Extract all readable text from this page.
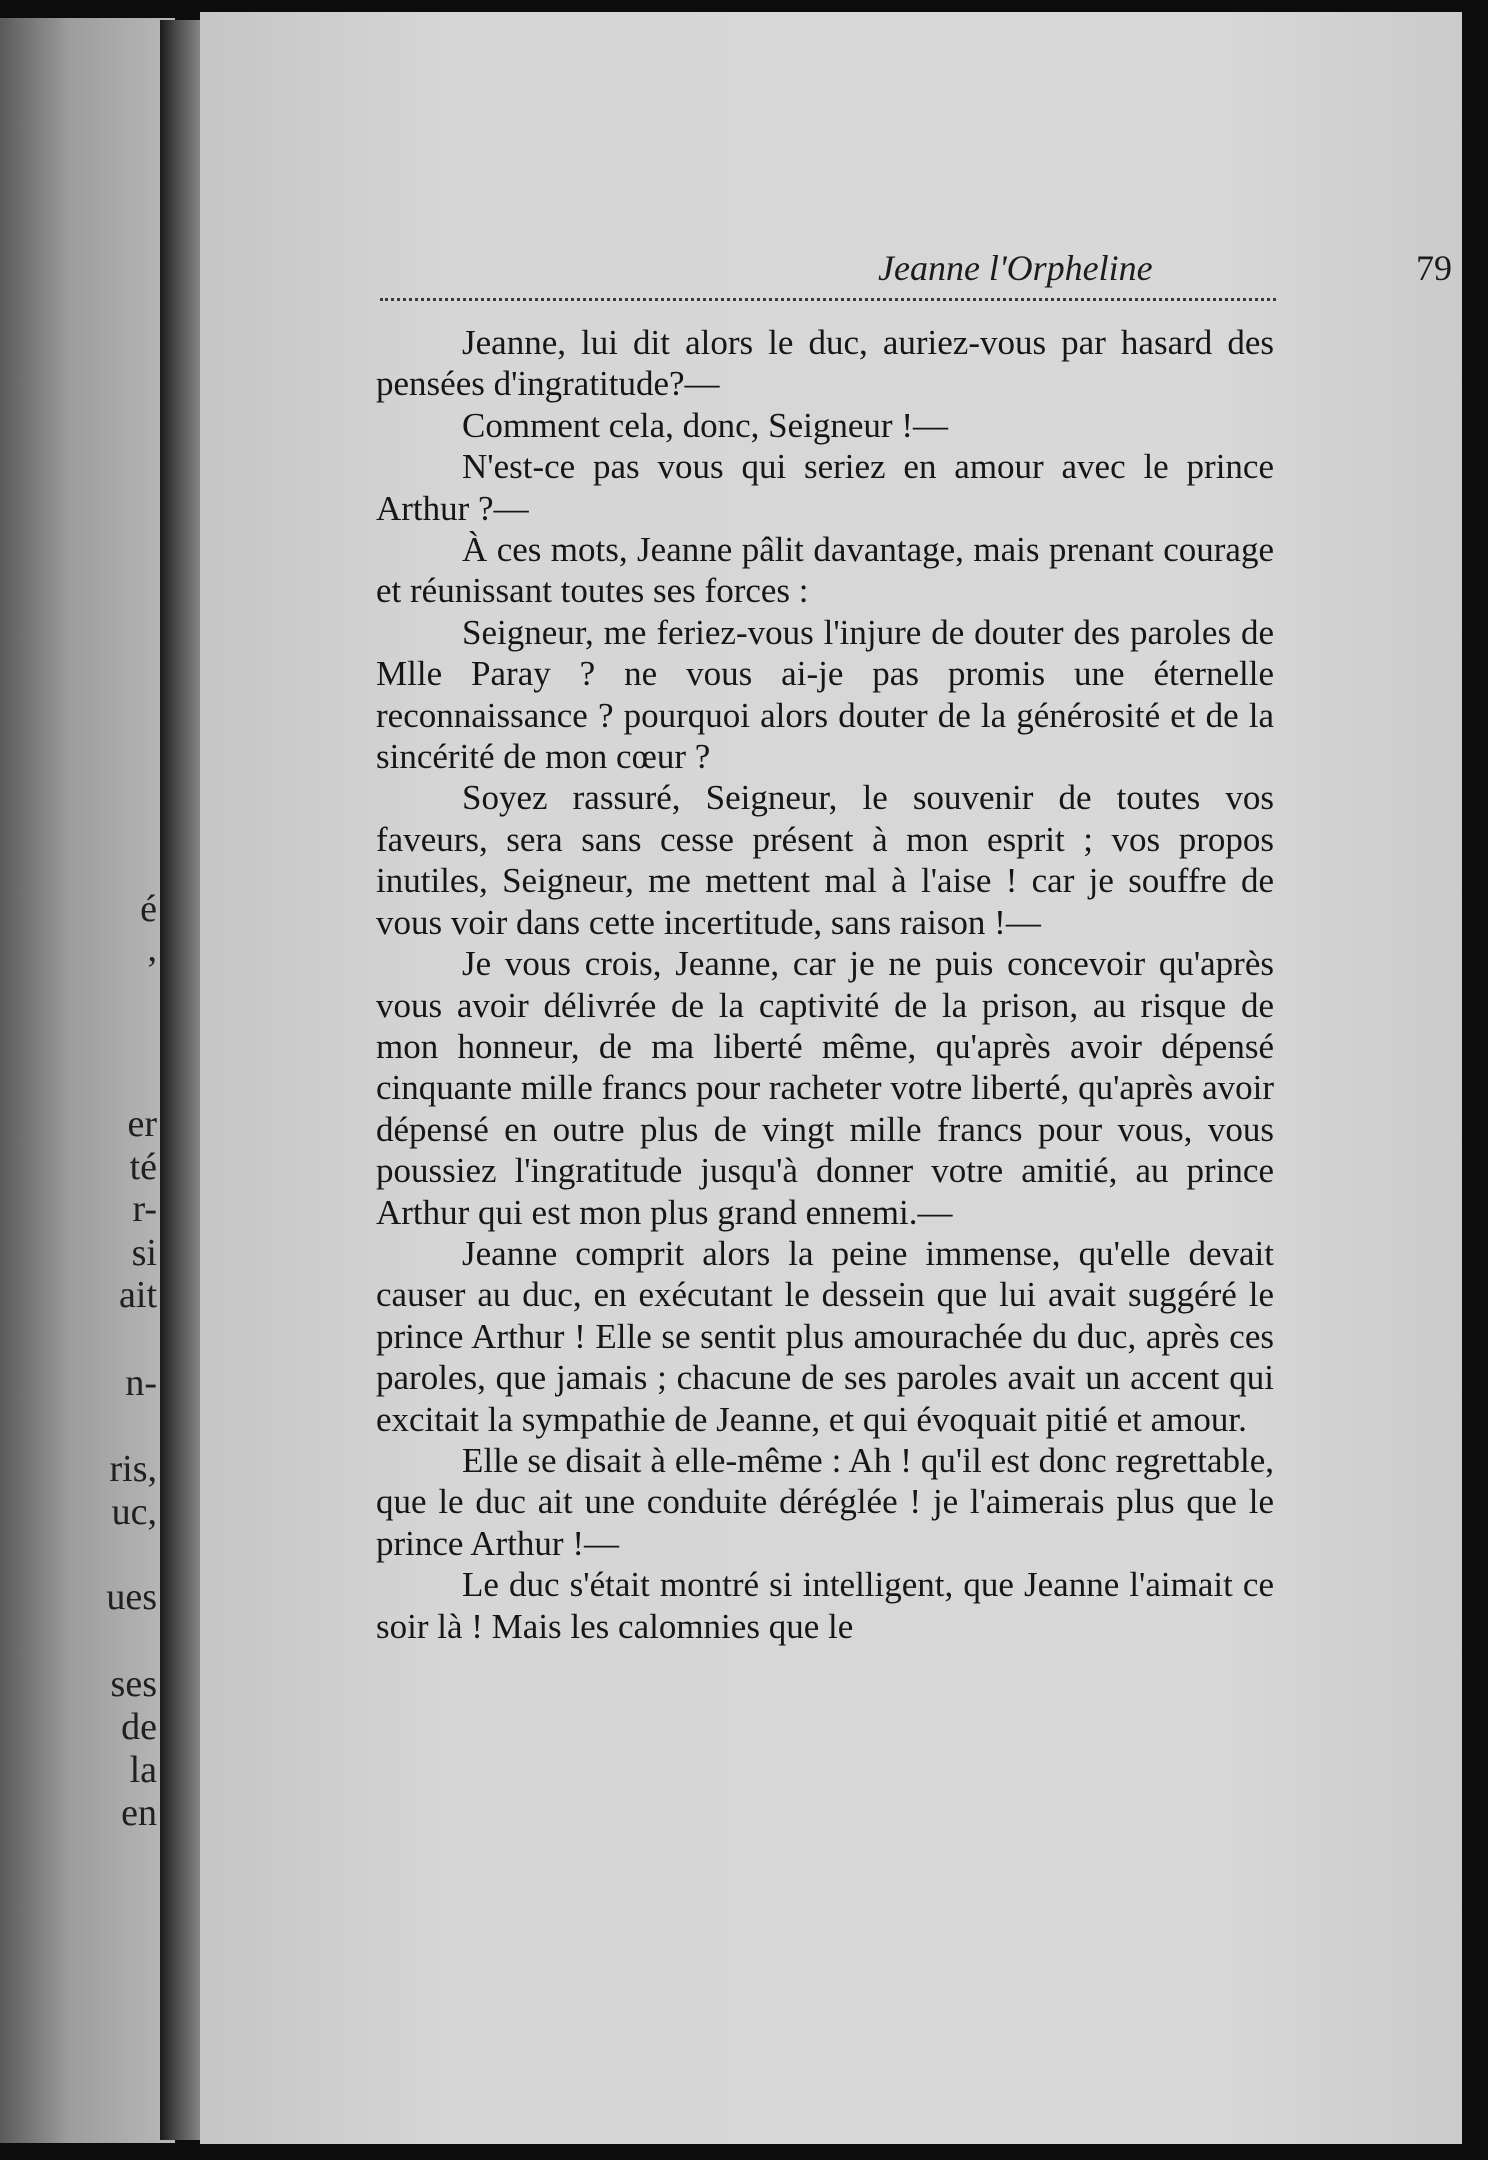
é
,
er
té
r-
si
ait
n-
ris,
uc,
ues
ses
de
la
en
Jeanne l'Orpheline	79

Jeanne, lui dit alors le duc, auriez-vous par hasard des pensées d'ingratitude?—

Comment cela, donc, Seigneur !—

N'est-ce pas vous qui seriez en amour avec le prince Arthur ?—

À ces mots, Jeanne pâlit davantage, mais prenant courage et réunissant toutes ses forces :

Seigneur, me feriez-vous l'injure de douter des paroles de Mlle Paray ? ne vous ai-je pas promis une éternelle reconnaissance ? pourquoi alors douter de la générosité et de la sincérité de mon cœur ?

Soyez rassuré, Seigneur, le souvenir de toutes vos faveurs, sera sans cesse présent à mon esprit ; vos propos inutiles, Seigneur, me mettent mal à l'aise ! car je souffre de vous voir dans cette incertitude, sans raison !—

Je vous crois, Jeanne, car je ne puis concevoir qu'après vous avoir délivrée de la captivité de la prison, au risque de mon honneur, de ma liberté même, qu'après avoir dépensé cinquante mille francs pour racheter votre liberté, qu'après avoir dépensé en outre plus de vingt mille francs pour vous, vous poussiez l'ingratitude jusqu'à donner votre amitié, au prince Arthur qui est mon plus grand ennemi.—

Jeanne comprit alors la peine immense, qu'elle devait causer au duc, en exécutant le dessein que lui avait suggéré le prince Arthur ! Elle se sentit plus amourachée du duc, après ces paroles, que jamais ; chacune de ses paroles avait un accent qui excitait la sympathie de Jeanne, et qui évoquait pitié et amour.

Elle se disait à elle-même : Ah ! qu'il est donc regrettable, que le duc ait une conduite déréglée ! je l'aimerais plus que le prince Arthur !—

Le duc s'était montré si intelligent, que Jeanne l'aimait ce soir là ! Mais les calomnies que le
